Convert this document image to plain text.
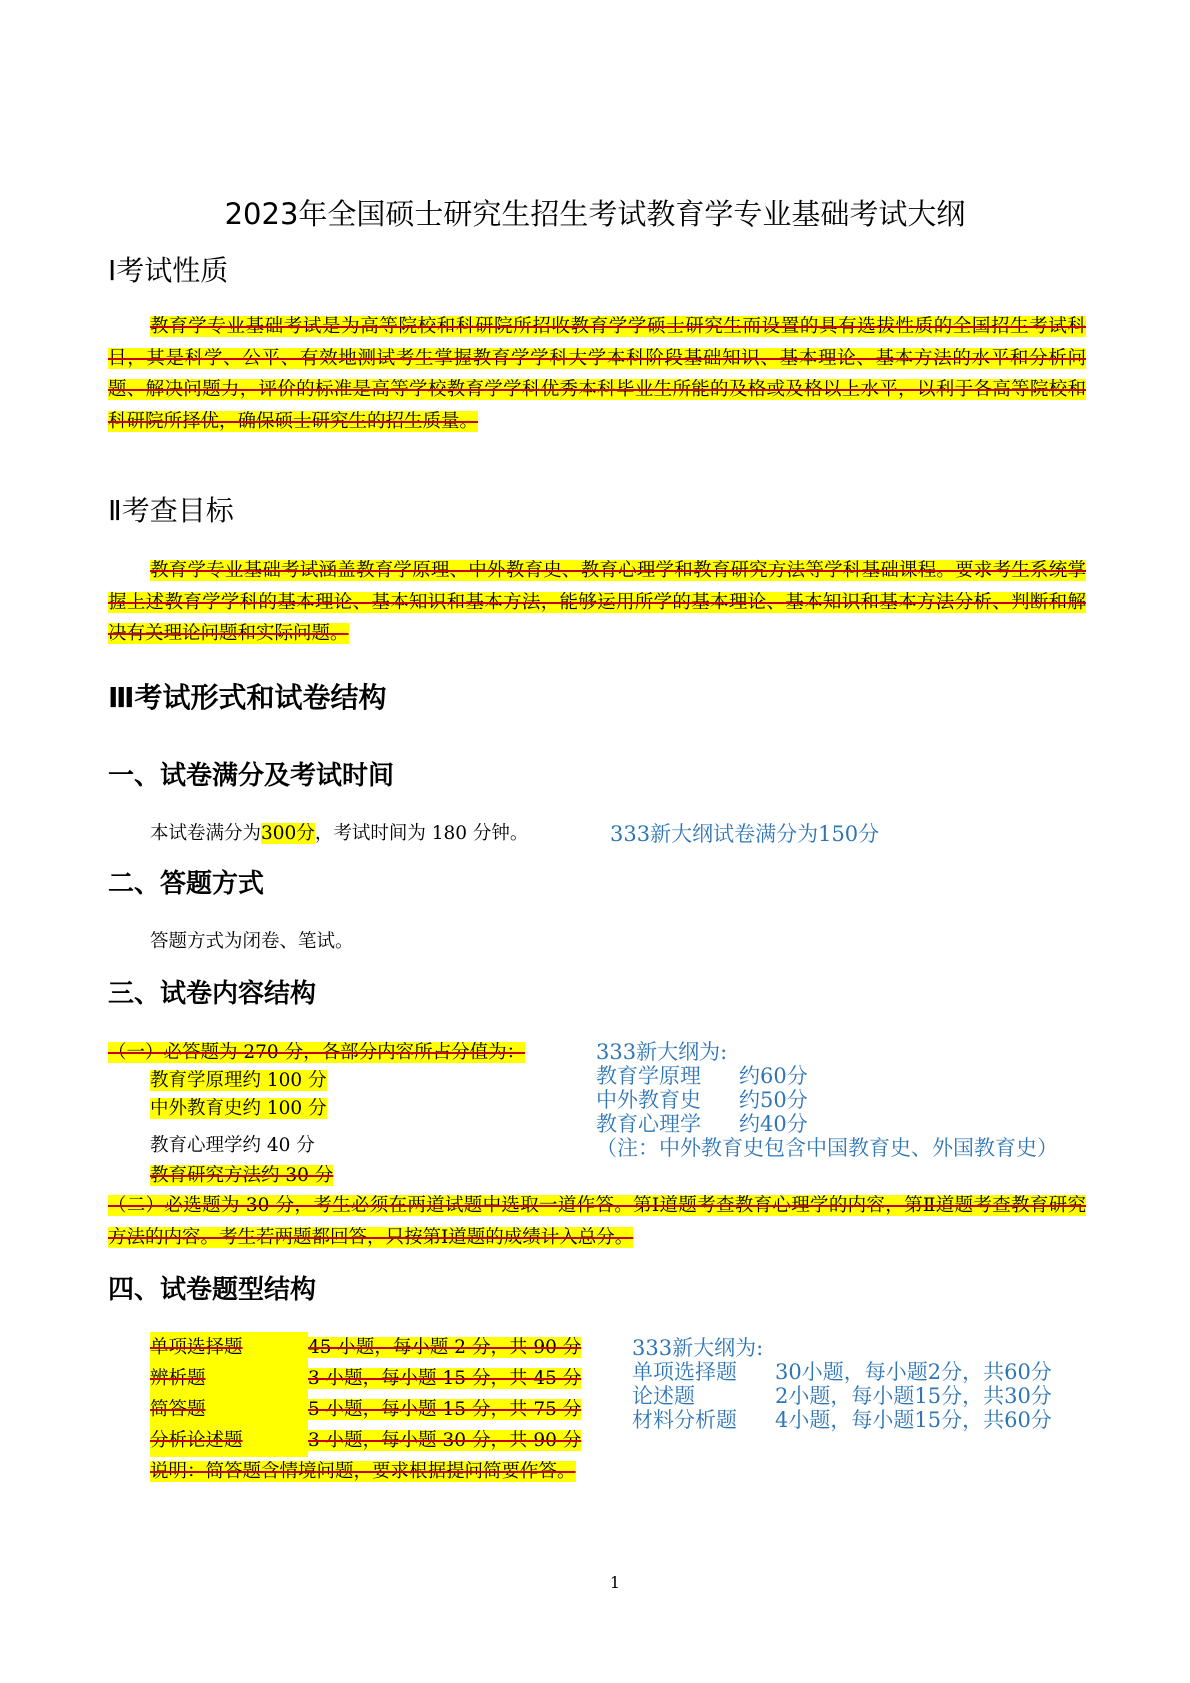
2023年全国硕士研究生招生考试教育学专业基础考试大纲
Ⅰ考试性质
教育学专业基础考试是为高等院校和科研院所招收教育学学硕士研究生而设置的具有选拔性质的全国招生考试科目，其是科学、公平、有效地测试考生掌握教育学学科大学本科阶段基础知识、基本理论、基本方法的水平和分析问题、解决问题力，评价的标准是高等学校教育学学科优秀本科毕业生所能的及格或及格以上水平，以利于各高等院校和科研院所择优，确保硕士研究生的招生质量。
Ⅱ考查目标
教育学专业基础考试涵盖教育学原理、中外教育史、教育心理学和教育研究方法等学科基础课程。要求考生系统掌握上述教育学学科的基本理论、基本知识和基本方法，能够运用所学的基本理论、基本知识和基本方法分析、判断和解决有关理论问题和实际问题。
Ⅲ考试形式和试卷结构
一、试卷满分及考试时间
本试卷满分为300分，考试时间为 180 分钟。	333新大纲试卷满分为150分
二、答题方式
答题方式为闭卷、笔试。
三、试卷内容结构
（一）必答题为 270 分，各部分内容所占分值为：
教育学原理约 100 分
中外教育史约 100 分
教育心理学约 40 分
教育研究方法约 30 分
（二）必选题为 30 分，考生必须在两道试题中选取一道作答。第Ⅰ道题考查教育心理学的内容，第Ⅱ道题考查教育研究方法的内容。考生若两题都回答，只按第Ⅰ道题的成绩计入总分。
333新大纲为:
教育学原理 约60分
中外教育史 约50分
教育心理学 约40分
（注：中外教育史包含中国教育史、外国教育史）
四、试卷题型结构
单项选择题	45 小题，每小题 2 分，共 90 分
辨析题	3 小题，每小题 15 分，共 45 分
简答题	5 小题，每小题 15 分，共 75 分
分析论述题	3 小题，每小题 30 分，共 90 分
说明：简答题含情境问题，要求根据提问简要作答。
333新大纲为:
单项选择题 30小题，每小题2分，共60分
论述题	2小题，每小题15分，共30分
材料分析题 4小题，每小题15分，共60分
1
